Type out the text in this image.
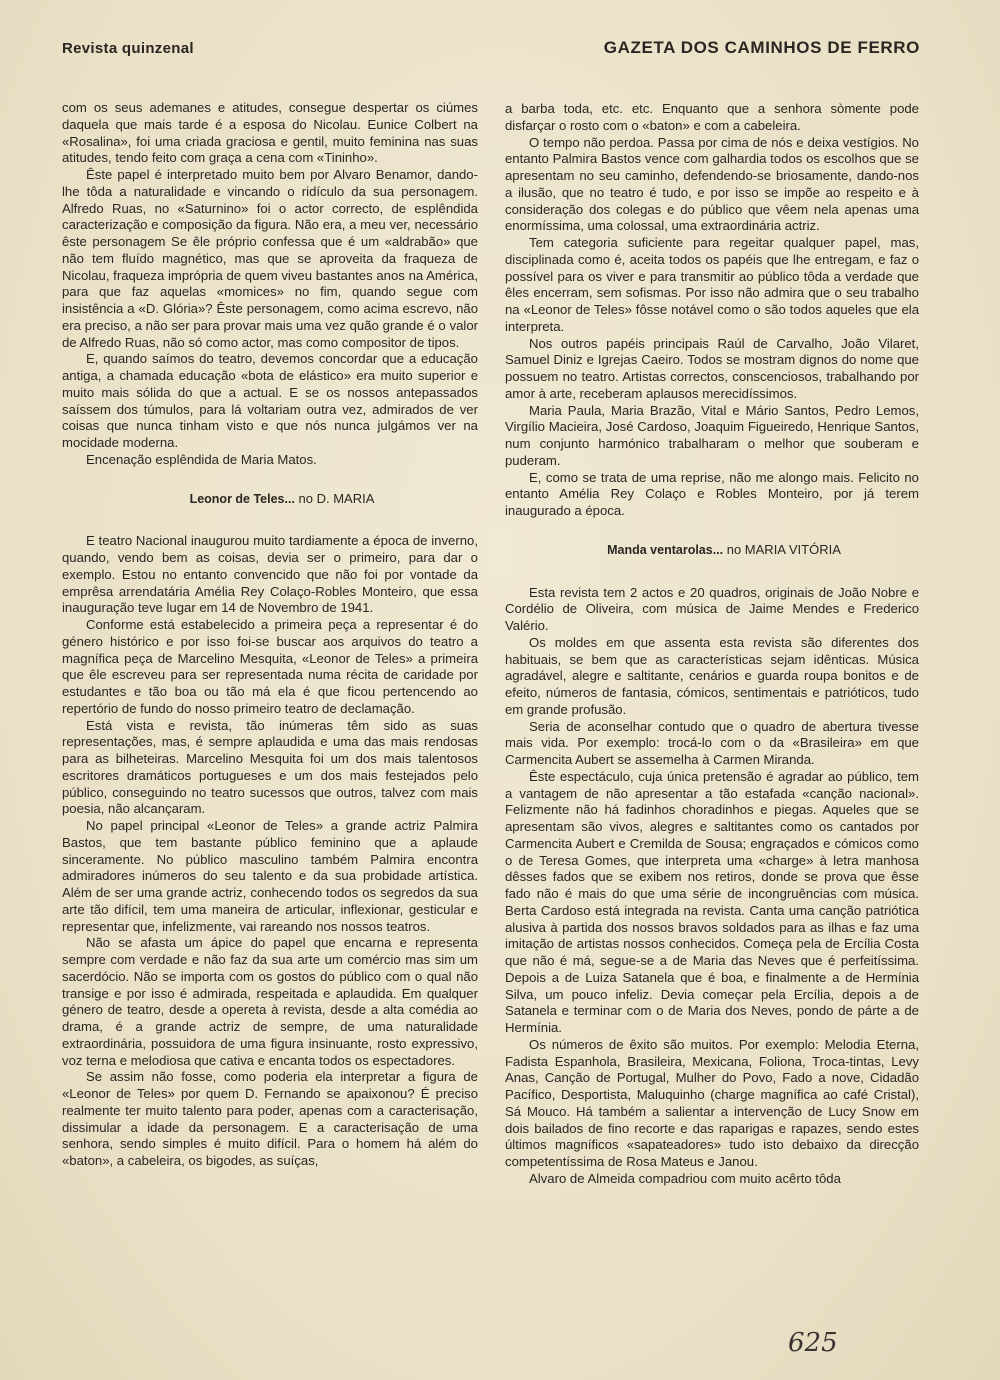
Revista quinzenal	GAZETA DOS CAMINHOS DE FERRO

com os seus ademanes e atitudes, consegue despertar os ciúmes daquela que mais tarde é a esposa do Nicolau. Eunice Colbert na «Rosalina», foi uma criada graciosa e gentil, muito feminina nas suas atitudes, tendo feito com graça a cena com «Tininho».

Êste papel é interpretado muito bem por Alvaro Benamor, dando-lhe tôda a naturalidade e vincando o ridículo da sua personagem. Alfredo Ruas, no «Saturnino» foi o actor correcto, de esplêndida caracterização e composição da figura. Não era, a meu ver, necessário êste personagem Se êle próprio confessa que é um «aldrabão» que não tem fluído magnético, mas que se aproveita da fraqueza de Nicolau, fraqueza imprópria de quem viveu bastantes anos na América, para que faz aquelas «momices» no fim, quando segue com insistência a «D. Glória»? Êste personagem, como acima escrevo, não era preciso, a não ser para provar mais uma vez quão grande é o valor de Alfredo Ruas, não só como actor, mas como compositor de tipos.

E, quando saímos do teatro, devemos concordar que a educação antiga, a chamada educação «bota de elástico» era muito superior e muito mais sólida do que a actual. E se os nossos antepassados saíssem dos túmulos, para lá voltariam outra vez, admirados de ver coisas que nunca tinham visto e que nós nunca julgámos ver na mocidade moderna.

Encenação esplêndida de Maria Matos.

Leonor de Teles... no D. MARIA

E teatro Nacional inaugurou muito tardiamente a época de inverno, quando, vendo bem as coisas, devia ser o primeiro, para dar o exemplo. Estou no entanto convencido que não foi por vontade da emprêsa arrendatária Amélia Rey Colaço-Robles Monteiro, que essa inauguração teve lugar em 14 de Novembro de 1941.

Conforme está estabelecido a primeira peça a representar é do género histórico e por isso foi-se buscar aos arquivos do teatro a magnífica peça de Marcelino Mesquita, «Leonor de Teles» a primeira que êle escreveu para ser representada numa récita de caridade por estudantes e tão boa ou tão má ela é que ficou pertencendo ao repertório de fundo do nosso primeiro teatro de declamação.

Está vista e revista, tão inúmeras têm sido as suas representações, mas, é sempre aplaudida e uma das mais rendosas para as bilheteiras. Marcelino Mesquita foi um dos mais talentosos escritores dramáticos portugueses e um dos mais festejados pelo público, conseguindo no teatro sucessos que outros, talvez com mais poesia, não alcançaram.

No papel principal «Leonor de Teles» a grande actriz Palmira Bastos, que tem bastante público feminino que a aplaude sinceramente. No público masculino também Palmira encontra admiradores inúmeros do seu talento e da sua probidade artística. Além de ser uma grande actriz, conhecendo todos os segredos da sua arte tão difícil, tem uma maneira de articular, inflexionar, gesticular e representar que, infelizmente, vai rareando nos nossos teatros.

Não se afasta um ápice do papel que encarna e representa sempre com verdade e não faz da sua arte um comércio mas sim um sacerdócio. Não se importa com os gostos do público com o qual não transige e por isso é admirada, respeitada e aplaudida. Em qualquer género de teatro, desde a opereta à revista, desde a alta comédia ao drama, é a grande actriz de sempre, de uma naturalidade extraordinária, possuidora de uma figura insinuante, rosto expressivo, voz terna e melodiosa que cativa e encanta todos os espectadores.

Se assim não fosse, como poderia ela interpretar a figura de «Leonor de Teles» por quem D. Fernando se apaixonou? É preciso realmente ter muito talento para poder, apenas com a caracterisação, dissimular a idade da personagem. E a caracterisação de uma senhora, sendo simples é muito difícil. Para o homem há além do «baton», a cabeleira, os bigodes, as suíças,

a barba toda, etc. etc. Enquanto que a senhora sòmente pode disfarçar o rosto com o «baton» e com a cabeleira.

O tempo não perdoa. Passa por cima de nós e deixa vestígios. No entanto Palmira Bastos vence com galhardia todos os escolhos que se apresentam no seu caminho, defendendo-se briosamente, dando-nos a ilusão, que no teatro é tudo, e por isso se impõe ao respeito e à consideração dos colegas e do público que vêem nela apenas uma enormíssima, uma colossal, uma extraordinária actriz.

Tem categoria suficiente para regeitar qualquer papel, mas, disciplinada como é, aceita todos os papéis que lhe entregam, e faz o possível para os viver e para transmitir ao público tôda a verdade que êles encerram, sem sofismas. Por isso não admira que o seu trabalho na «Leonor de Teles» fôsse notável como o são todos aqueles que ela interpreta.

Nos outros papéis principais Raúl de Carvalho, João Vilaret, Samuel Diniz e Igrejas Caeiro. Todos se mostram dignos do nome que possuem no teatro. Artistas correctos, conscenciosos, trabalhando por amor à arte, receberam aplausos merecidíssimos.

Maria Paula, Maria Brazão, Vital e Mário Santos, Pedro Lemos, Virgílio Macieira, José Cardoso, Joaquim Figueiredo, Henrique Santos, num conjunto harmónico trabalharam o melhor que souberam e puderam.

E, como se trata de uma reprise, não me alongo mais. Felicito no entanto Amélia Rey Colaço e Robles Monteiro, por já terem inaugurado a época.

Manda ventarolas... no MARIA VITÓRIA

Esta revista tem 2 actos e 20 quadros, originais de João Nobre e Cordélio de Oliveira, com música de Jaime Mendes e Frederico Valério.

Os moldes em que assenta esta revista são diferentes dos habituais, se bem que as características sejam idênticas. Música agradável, alegre e saltitante, cenários e guarda roupa bonitos e de efeito, números de fantasia, cómicos, sentimentais e patrióticos, tudo em grande profusão.

Seria de aconselhar contudo que o quadro de abertura tivesse mais vida. Por exemplo: trocá-lo com o da «Brasileira» em que Carmencita Aubert se assemelha à Carmen Miranda.

Êste espectáculo, cuja única pretensão é agradar ao público, tem a vantagem de não apresentar a tão estafada «canção nacional». Felizmente não há fadinhos choradinhos e piegas. Aqueles que se apresentam são vivos, alegres e saltitantes como os cantados por Carmencita Aubert e Cremilda de Sousa; engraçados e cómicos como o de Teresa Gomes, que interpreta uma «charge» à letra manhosa dêsses fados que se exibem nos retiros, donde se prova que êsse fado não é mais do que uma série de incongruências com música. Berta Cardoso está integrada na revista. Canta uma canção patriótica alusiva à partida dos nossos bravos soldados para as ilhas e faz uma imitação de artistas nossos conhecidos. Começa pela de Ercília Costa que não é má, segue-se a de Maria das Neves que é perfeitíssima. Depois a de Luiza Satanela que é boa, e finalmente a de Hermínia Silva, um pouco infeliz. Devia começar pela Ercília, depois a de Satanela e terminar com o de Maria dos Neves, pondo de párte a de Hermínia.

Os números de êxito são muitos. Por exemplo: Melodia Eterna, Fadista Espanhola, Brasileira, Mexicana, Foliona, Troca-tintas, Levy Anas, Canção de Portugal, Mulher do Povo, Fado a nove, Cidadão Pacífico, Desportista, Maluquinho (charge magnífica ao café Cristal), Sá Mouco. Há também a salientar a intervenção de Lucy Snow em dois bailados de fino recorte e das raparigas e rapazes, sendo estes últimos magníficos «sapateadores» tudo isto debaixo da direcção competentíssima de Rosa Mateus e Janou.

Alvaro de Almeida compadriou com muito acêrto tôda

625
